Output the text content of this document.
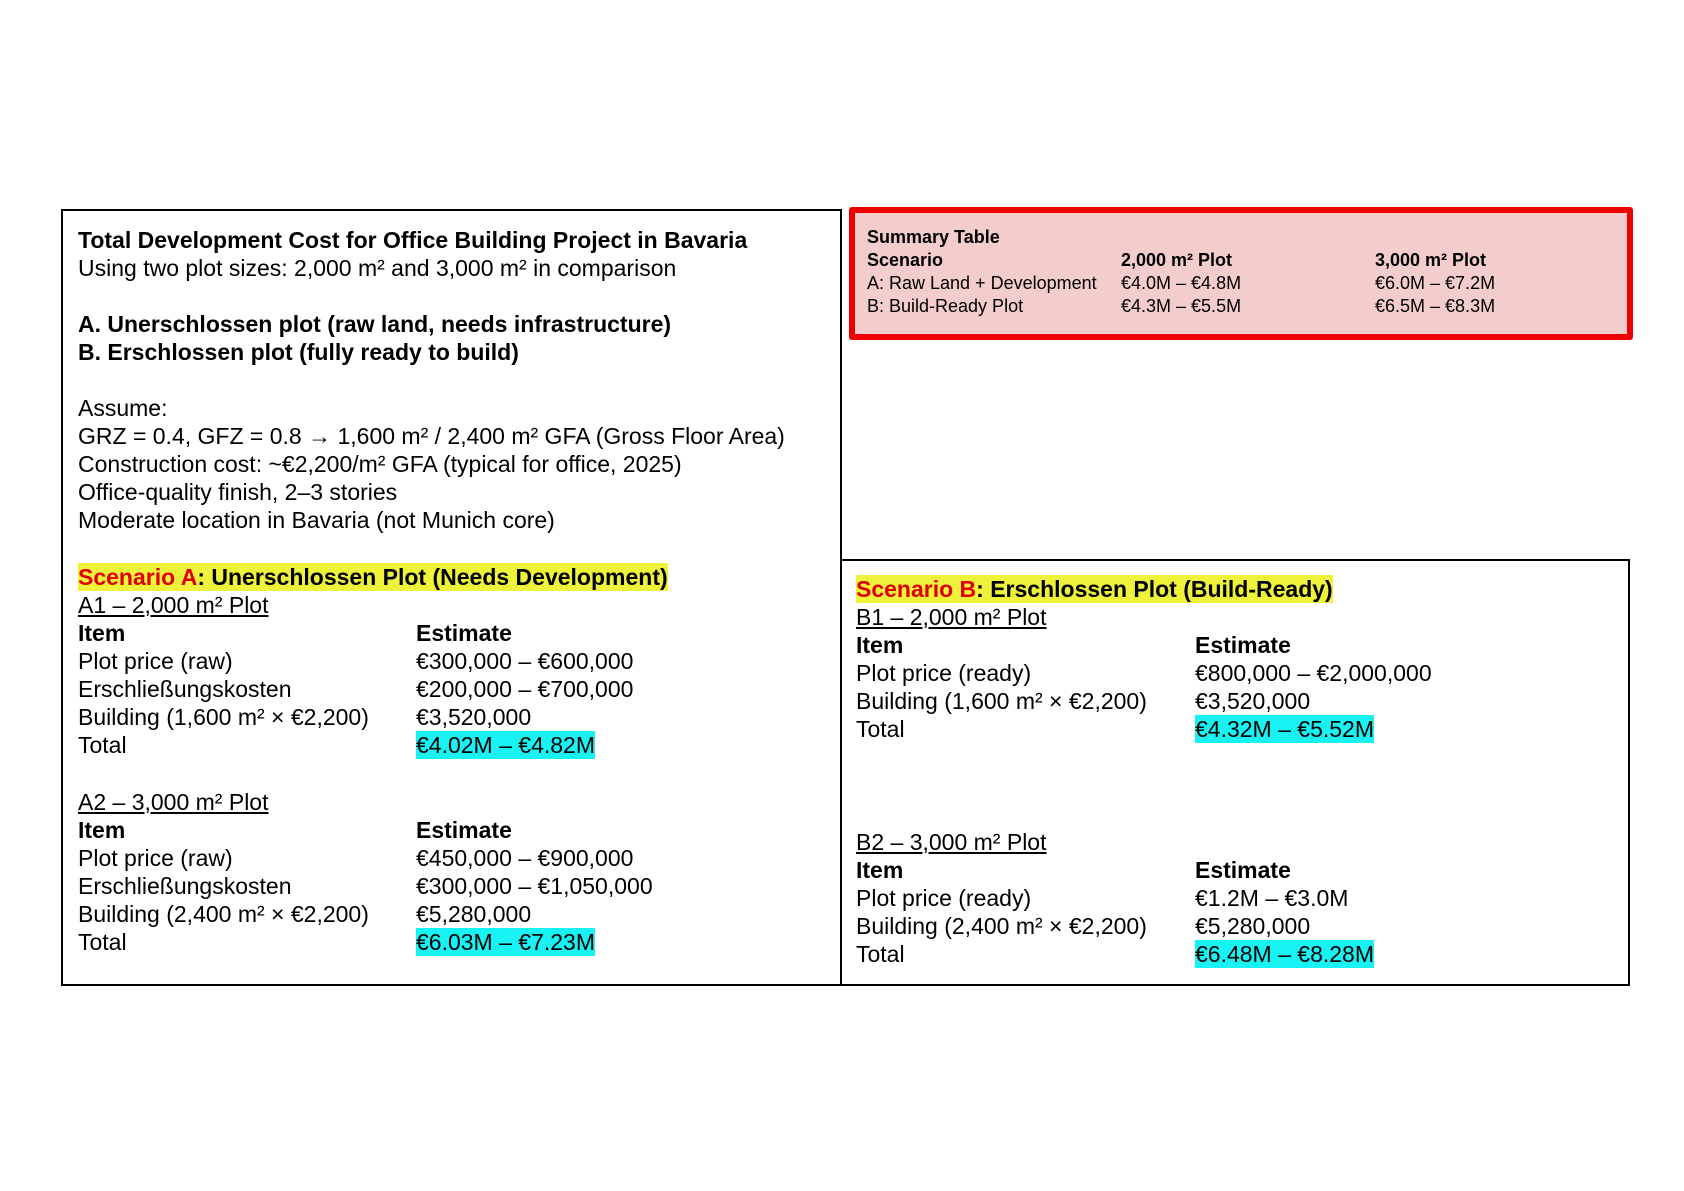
Total Development Cost for Office Building Project in Bavaria
Using two plot sizes: 2,000 m² and 3,000 m² in comparison
A. Unerschlossen plot (raw land, needs infrastructure)
B. Erschlossen plot (fully ready to build)
Assume:
GRZ = 0.4, GFZ = 0.8 → 1,600 m² / 2,400 m² GFA (Gross Floor Area)
Construction cost: ~€2,200/m² GFA (typical for office, 2025)
Office-quality finish, 2–3 stories
Moderate location in Bavaria (not Munich core)
Scenario A: Unerschlossen Plot (Needs Development)
A1 – 2,000 m² Plot
Item	Estimate
Plot price (raw)	€300,000 – €600,000
Erschließungskosten	€200,000 – €700,000
Building (1,600 m² × €2,200) €3,520,000
Total	€4.02M – €4.82M
A2 – 3,000 m² Plot
Item	Estimate
Plot price (raw)	€450,000 – €900,000
Erschließungskosten	€300,000 – €1,050,000
Building (2,400 m² × €2,200) €5,280,000
Total	€6.03M – €7.23M
Scenario B: Erschlossen Plot (Build-Ready)
B1 – 2,000 m² Plot
Item	Estimate
Plot price (ready)	€800,000 – €2,000,000
Building (1,600 m² × €2,200) €3,520,000
Total	€4.32M – €5.52M
B2 – 3,000 m² Plot
Item	Estimate
Plot price (ready)	€1.2M – €3.0M
Building (2,400 m² × €2,200) €5,280,000
Total	€6.48M – €8.28M
Summary Table
Scenario	2,000 m² Plot	3,000 m² Plot
A: Raw Land + Development €4.0M – €4.8M	€6.0M – €7.2M
B: Build-Ready Plot	€4.3M – €5.5M	€6.5M – €8.3M
